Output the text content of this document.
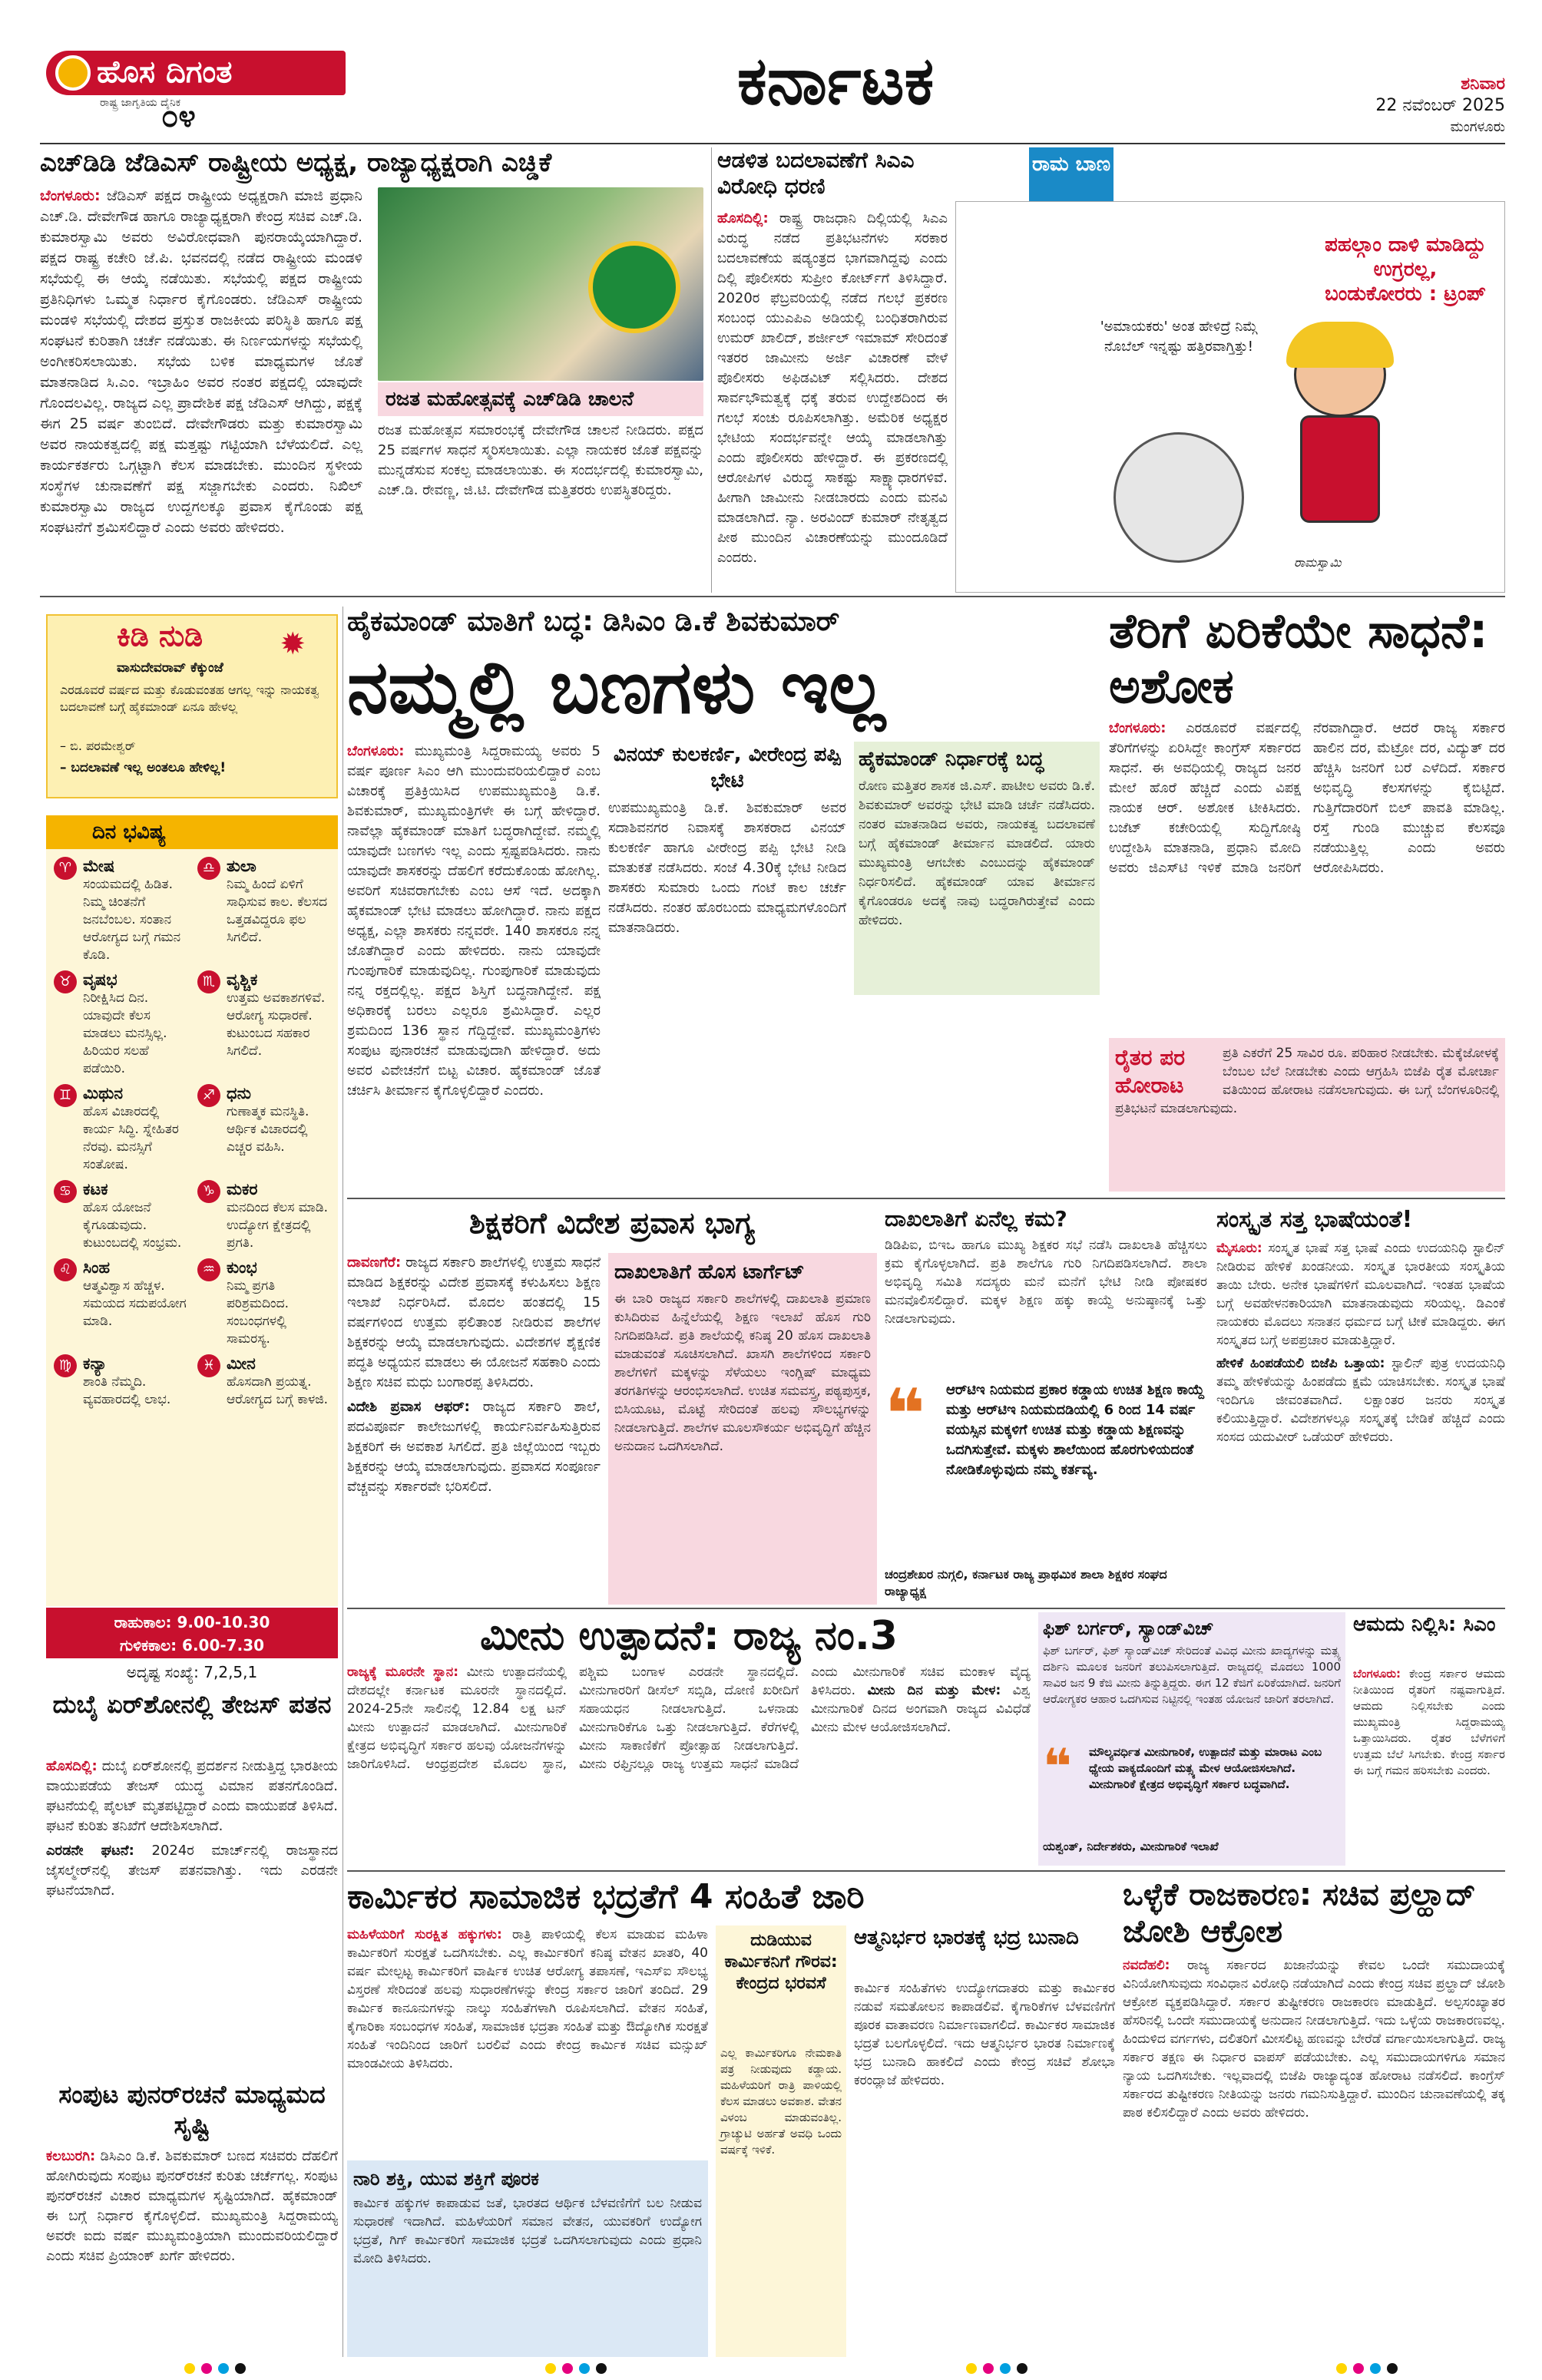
ಹೊಸ ದಿಗಂತ
ರಾಷ್ಟ್ರ ಜಾಗೃತಿಯ ದೈನಿಕ
೦೪	ಕರ್ನಾಟಕ	ಶನಿವಾರ
22 ನವೆಂಬರ್ 2025
ಮಂಗಳೂರು
ಎಚ್‌ಡಿಡಿ ಜೆಡಿಎಸ್ ರಾಷ್ಟ್ರೀಯ ಅಧ್ಯಕ್ಷ, ರಾಜ್ಯಾಧ್ಯಕ್ಷರಾಗಿ ಎಚ್ಡಿಕೆ

ಬೆಂಗಳೂರು: ಜೆಡಿಎಸ್ ಪಕ್ಷದ ರಾಷ್ಟ್ರೀಯ ಅಧ್ಯಕ್ಷರಾಗಿ ಮಾಜಿ ಪ್ರಧಾನಿ ಎಚ್.ಡಿ. ದೇವೇಗೌಡ ಹಾಗೂ ರಾಜ್ಯಾಧ್ಯಕ್ಷರಾಗಿ ಕೇಂದ್ರ ಸಚಿವ ಎಚ್.ಡಿ. ಕುಮಾರಸ್ವಾಮಿ ಅವರು ಅವಿರೋಧವಾಗಿ ಪುನರಾಯ್ಕೆಯಾಗಿದ್ದಾರೆ. ಪಕ್ಷದ ರಾಷ್ಟ್ರ ಕಚೇರಿ ಜೆ.ಪಿ. ಭವನದಲ್ಲಿ ನಡೆದ ರಾಷ್ಟ್ರೀಯ ಮಂಡಳಿ ಸಭೆಯಲ್ಲಿ ಈ ಆಯ್ಕೆ ನಡೆಯಿತು. ಸಭೆಯಲ್ಲಿ ಪಕ್ಷದ ರಾಷ್ಟ್ರೀಯ ಪ್ರತಿನಿಧಿಗಳು ಒಮ್ಮತ ನಿರ್ಧಾರ ಕೈಗೊಂಡರು. ಜೆಡಿಎಸ್ ರಾಷ್ಟ್ರೀಯ ಮಂಡಳಿ ಸಭೆಯಲ್ಲಿ ದೇಶದ ಪ್ರಸ್ತುತ ರಾಜಕೀಯ ಪರಿಸ್ಥಿತಿ ಹಾಗೂ ಪಕ್ಷ ಸಂಘಟನೆ ಕುರಿತಾಗಿ ಚರ್ಚೆ ನಡೆಯಿತು. ಈ ನಿರ್ಣಯಗಳನ್ನು ಸಭೆಯಲ್ಲಿ ಅಂಗೀಕರಿಸಲಾಯಿತು. ಸಭೆಯ ಬಳಿಕ ಮಾಧ್ಯಮಗಳ ಜೊತೆ ಮಾತನಾಡಿದ ಸಿ.ಎಂ. ಇಬ್ರಾಹಿಂ ಅವರ ನಂತರ ಪಕ್ಷದಲ್ಲಿ ಯಾವುದೇ ಗೊಂದಲವಿಲ್ಲ. ರಾಜ್ಯದ ಎಲ್ಲ ಪ್ರಾದೇಶಿಕ ಪಕ್ಷ ಜೆಡಿಎಸ್ ಆಗಿದ್ದು, ಪಕ್ಷಕ್ಕೆ ಈಗ 25 ವರ್ಷ ತುಂಬಿದೆ. ದೇವೇಗೌಡರು ಮತ್ತು ಕುಮಾರಸ್ವಾಮಿ ಅವರ ನಾಯಕತ್ವದಲ್ಲಿ ಪಕ್ಷ ಮತ್ತಷ್ಟು ಗಟ್ಟಿಯಾಗಿ ಬೆಳೆಯಲಿದೆ. ಎಲ್ಲ ಕಾರ್ಯಕರ್ತರು ಒಗ್ಗಟ್ಟಾಗಿ ಕೆಲಸ ಮಾಡಬೇಕು. ಮುಂದಿನ ಸ್ಥಳೀಯ ಸಂಸ್ಥೆಗಳ ಚುನಾವಣೆಗೆ ಪಕ್ಷ ಸಜ್ಜಾಗಬೇಕು ಎಂದರು. ನಿಖಿಲ್ ಕುಮಾರಸ್ವಾಮಿ ರಾಜ್ಯದ ಉದ್ದಗಲಕ್ಕೂ ಪ್ರವಾಸ ಕೈಗೊಂಡು ಪಕ್ಷ ಸಂಘಟನೆಗೆ ಶ್ರಮಿಸಲಿದ್ದಾರೆ ಎಂದು ಅವರು ಹೇಳಿದರು.

ರಜತ ಮಹೋತ್ಸವಕ್ಕೆ ಎಚ್‌ಡಿಡಿ ಚಾಲನೆ

ರಜತ ಮಹೋತ್ಸವ ಸಮಾರಂಭಕ್ಕೆ ದೇವೇಗೌಡ ಚಾಲನೆ ನೀಡಿದರು. ಪಕ್ಷದ 25 ವರ್ಷಗಳ ಸಾಧನೆ ಸ್ಮರಿಸಲಾಯಿತು. ಎಲ್ಲಾ ನಾಯಕರ ಜೊತೆ ಪಕ್ಷವನ್ನು ಮುನ್ನಡೆಸುವ ಸಂಕಲ್ಪ ಮಾಡಲಾಯಿತು. ಈ ಸಂದರ್ಭದಲ್ಲಿ ಕುಮಾರಸ್ವಾಮಿ, ಎಚ್.ಡಿ. ರೇವಣ್ಣ, ಜಿ.ಟಿ. ದೇವೇಗೌಡ ಮತ್ತಿತರರು ಉಪಸ್ಥಿತರಿದ್ದರು.

ಆಡಳಿತ ಬದಲಾವಣೆಗೆ ಸಿಎಎ ವಿರೋಧಿ ಧರಣಿ

ಹೊಸದಿಲ್ಲಿ: ರಾಷ್ಟ್ರ ರಾಜಧಾನಿ ದಿಲ್ಲಿಯಲ್ಲಿ ಸಿಎಎ ವಿರುದ್ಧ ನಡೆದ ಪ್ರತಿಭಟನೆಗಳು ಸರಕಾರ ಬದಲಾವಣೆಯ ಷಡ್ಯಂತ್ರದ ಭಾಗವಾಗಿದ್ದವು ಎಂದು ದಿಲ್ಲಿ ಪೊಲೀಸರು ಸುಪ್ರೀಂ ಕೋರ್ಟ್‌ಗೆ ತಿಳಿಸಿದ್ದಾರೆ. 2020ರ ಫೆಬ್ರವರಿಯಲ್ಲಿ ನಡೆದ ಗಲಭೆ ಪ್ರಕರಣ ಸಂಬಂಧ ಯುಎಪಿಎ ಅಡಿಯಲ್ಲಿ ಬಂಧಿತರಾಗಿರುವ ಉಮರ್ ಖಾಲಿದ್, ಶರ್ಜೀಲ್ ಇಮಾಮ್ ಸೇರಿದಂತೆ ಇತರರ ಜಾಮೀನು ಅರ್ಜಿ ವಿಚಾರಣೆ ವೇಳೆ ಪೊಲೀಸರು ಅಫಿಡವಿಟ್ ಸಲ್ಲಿಸಿದರು. ದೇಶದ ಸಾರ್ವಭೌಮತ್ವಕ್ಕೆ ಧಕ್ಕೆ ತರುವ ಉದ್ದೇಶದಿಂದ ಈ ಗಲಭೆ ಸಂಚು ರೂಪಿಸಲಾಗಿತ್ತು. ಅಮೆರಿಕ ಅಧ್ಯಕ್ಷರ ಭೇಟಿಯ ಸಂದರ್ಭವನ್ನೇ ಆಯ್ಕೆ ಮಾಡಲಾಗಿತ್ತು ಎಂದು ಪೊಲೀಸರು ಹೇಳಿದ್ದಾರೆ. ಈ ಪ್ರಕರಣದಲ್ಲಿ ಆರೋಪಿಗಳ ವಿರುದ್ಧ ಸಾಕಷ್ಟು ಸಾಕ್ಷ್ಯಾಧಾರಗಳಿವೆ. ಹೀಗಾಗಿ ಜಾಮೀನು ನೀಡಬಾರದು ಎಂದು ಮನವಿ ಮಾಡಲಾಗಿದೆ. ನ್ಯಾ. ಅರವಿಂದ್ ಕುಮಾರ್ ನೇತೃತ್ವದ ಪೀಠ ಮುಂದಿನ ವಿಚಾರಣೆಯನ್ನು ಮುಂದೂಡಿದೆ ಎಂದರು.

ರಾಮ ಬಾಣ
'ಅಮಾಯಕರು' ಅಂತ ಹೇಳಿದ್ರೆ ನಿಮ್ಗೆ ನೊಬೆಲ್ ಇನ್ನಷ್ಟು ಹತ್ತಿರವಾಗ್ತಿತ್ತು!
ರಾಮಸ್ವಾಮಿ
ಪಹಲ್ಗಾಂ ದಾಳಿ ಮಾಡಿದ್ದು ಉಗ್ರರಲ್ಲ, ಬಂಡುಕೋರರು : ಟ್ರಂಪ್
ಕಿಡಿ ನುಡಿ	✹
ವಾಸುದೇವರಾವ್ ಕೆಕ್ಕುಂಜೆ
ಎರಡೂವರೆ ವರ್ಷದ ಮತ್ತು ಕೊಡುವಂತಹ ಆಗಲ್ಲ ಇನ್ನು ನಾಯಕತ್ವ ಬದಲಾವಣೆ ಬಗ್ಗೆ ಹೈಕಮಾಂಡ್ ಏನೂ ಹೇಳಲ್ಲ
– ಬಿ. ಪರಮೇಶ್ವರ್
– ಬದಲಾವಣೆ ಇಲ್ಲ ಅಂತಲೂ ಹೇಳಿಲ್ಲ!
ದಿನ ಭವಿಷ್ಯ
♈ ಮೇಷ
ಸಂಯಮದಲ್ಲಿ ಹಿಡಿತ. ನಿಮ್ಮ ಚಿಂತನೆಗೆ ಜನಬೆಂಬಲ. ಸಂತಾನ ಆರೋಗ್ಯದ ಬಗ್ಗೆ ಗಮನ ಕೊಡಿ.
♎ ತುಲಾ
ನಿಮ್ಮ ಹಿಂದೆ ಏಳಿಗೆ ಸಾಧಿಸುವ ಕಾಲ. ಕೆಲಸದ ಒತ್ತಡವಿದ್ದರೂ ಫಲ ಸಿಗಲಿದೆ.
♉ ವೃಷಭ
ನಿರೀಕ್ಷಿಸಿದ ದಿನ. ಯಾವುದೇ ಕೆಲಸ ಮಾಡಲು ಮನಸ್ಸಿಲ್ಲ. ಹಿರಿಯರ ಸಲಹೆ ಪಡೆಯಿರಿ.
♏ ವೃಶ್ಚಿಕ
ಉತ್ತಮ ಅವಕಾಶಗಳಿವೆ. ಆರೋಗ್ಯ ಸುಧಾರಣೆ. ಕುಟುಂಬದ ಸಹಕಾರ ಸಿಗಲಿದೆ.
♊ ಮಿಥುನ
ಹೊಸ ವಿಚಾರದಲ್ಲಿ ಕಾರ್ಯ ಸಿದ್ಧಿ. ಸ್ನೇಹಿತರ ನೆರವು. ಮನಸ್ಸಿಗೆ ಸಂತೋಷ.
♐ ಧನು
ಗುಣಾತ್ಮಕ ಮನಸ್ಥಿತಿ. ಆರ್ಥಿಕ ವಿಚಾರದಲ್ಲಿ ಎಚ್ಚರ ವಹಿಸಿ.
♋ ಕಟಕ
ಹೊಸ ಯೋಜನೆ ಕೈಗೂಡುವುದು. ಕುಟುಂಬದಲ್ಲಿ ಸಂಭ್ರಮ.
♑ ಮಕರ
ಮನದಿಂದ ಕೆಲಸ ಮಾಡಿ. ಉದ್ಯೋಗ ಕ್ಷೇತ್ರದಲ್ಲಿ ಪ್ರಗತಿ.
♌ ಸಿಂಹ
ಆತ್ಮವಿಶ್ವಾಸ ಹೆಚ್ಚಳ. ಸಮಯದ ಸದುಪಯೋಗ ಮಾಡಿ.
♒ ಕುಂಭ
ನಿಮ್ಮ ಪ್ರಗತಿ ಪರಿಶ್ರಮದಿಂದ. ಸಂಬಂಧಗಳಲ್ಲಿ ಸಾಮರಸ್ಯ.
♍ ಕನ್ಯಾ
ಶಾಂತಿ ನೆಮ್ಮದಿ. ವ್ಯವಹಾರದಲ್ಲಿ ಲಾಭ.
♓ ಮೀನ
ಹೊಸದಾಗಿ ಪ್ರಯತ್ನ. ಆರೋಗ್ಯದ ಬಗ್ಗೆ ಕಾಳಜಿ.
ರಾಹುಕಾಲ: 9.00-10.30
ಗುಳಿಕಕಾಲ: 6.00-7.30
ಅದೃಷ್ಟ ಸಂಖ್ಯೆ: 7,2,5,1
ದುಬೈ ಏರ್‌ಶೋನಲ್ಲಿ ತೇಜಸ್ ಪತನ

ಹೊಸದಿಲ್ಲಿ: ದುಬೈ ಏರ್‌ಶೋನಲ್ಲಿ ಪ್ರದರ್ಶನ ನೀಡುತ್ತಿದ್ದ ಭಾರತೀಯ ವಾಯುಪಡೆಯ ತೇಜಸ್ ಯುದ್ಧ ವಿಮಾನ ಪತನಗೊಂಡಿದೆ. ಘಟನೆಯಲ್ಲಿ ಪೈಲಟ್ ಮೃತಪಟ್ಟಿದ್ದಾರೆ ಎಂದು ವಾಯುಪಡೆ ತಿಳಿಸಿದೆ. ಘಟನೆ ಕುರಿತು ತನಿಖೆಗೆ ಆದೇಶಿಸಲಾಗಿದೆ.

ಎರಡನೇ ಘಟನೆ: 2024ರ ಮಾರ್ಚ್‌ನಲ್ಲಿ ರಾಜಸ್ಥಾನದ ಜೈಸಲ್ಮೇರ್‌ನಲ್ಲಿ ತೇಜಸ್ ಪತನವಾಗಿತ್ತು. ಇದು ಎರಡನೇ ಘಟನೆಯಾಗಿದೆ.

ಸಂಪುಟ ಪುನರ್‌ರಚನೆ ಮಾಧ್ಯಮದ ಸೃಷ್ಟಿ

ಕಲಬುರಗಿ: ಡಿಸಿಎಂ ಡಿ.ಕೆ. ಶಿವಕುಮಾರ್ ಬಣದ ಸಚಿವರು ದೆಹಲಿಗೆ ಹೋಗಿರುವುದು ಸಂಪುಟ ಪುನರ್‌ರಚನೆ ಕುರಿತು ಚರ್ಚೆಗಲ್ಲ. ಸಂಪುಟ ಪುನರ್‌ರಚನೆ ವಿಚಾರ ಮಾಧ್ಯಮಗಳ ಸೃಷ್ಟಿಯಾಗಿದೆ. ಹೈಕಮಾಂಡ್ ಈ ಬಗ್ಗೆ ನಿರ್ಧಾರ ಕೈಗೊಳ್ಳಲಿದೆ. ಮುಖ್ಯಮಂತ್ರಿ ಸಿದ್ದರಾಮಯ್ಯ ಅವರೇ ಐದು ವರ್ಷ ಮುಖ್ಯಮಂತ್ರಿಯಾಗಿ ಮುಂದುವರಿಯಲಿದ್ದಾರೆ ಎಂದು ಸಚಿವ ಪ್ರಿಯಾಂಕ್ ಖರ್ಗೆ ಹೇಳಿದರು.

ಹೈಕಮಾಂಡ್ ಮಾತಿಗೆ ಬದ್ಧ: ಡಿಸಿಎಂ ಡಿ.ಕೆ ಶಿವಕುಮಾರ್
ನಮ್ಮಲ್ಲಿ ಬಣಗಳು ಇಲ್ಲ

ಬೆಂಗಳೂರು: ಮುಖ್ಯಮಂತ್ರಿ ಸಿದ್ದರಾಮಯ್ಯ ಅವರು 5 ವರ್ಷ ಪೂರ್ಣ ಸಿಎಂ ಆಗಿ ಮುಂದುವರಿಯಲಿದ್ದಾರೆ ಎಂಬ ವಿಚಾರಕ್ಕೆ ಪ್ರತಿಕ್ರಿಯಿಸಿದ ಉಪಮುಖ್ಯಮಂತ್ರಿ ಡಿ.ಕೆ. ಶಿವಕುಮಾರ್, ಮುಖ್ಯಮಂತ್ರಿಗಳೇ ಈ ಬಗ್ಗೆ ಹೇಳಿದ್ದಾರೆ. ನಾವೆಲ್ಲಾ ಹೈಕಮಾಂಡ್ ಮಾತಿಗೆ ಬದ್ಧರಾಗಿದ್ದೇವೆ. ನಮ್ಮಲ್ಲಿ ಯಾವುದೇ ಬಣಗಳು ಇಲ್ಲ ಎಂದು ಸ್ಪಷ್ಟಪಡಿಸಿದರು. ನಾನು ಯಾವುದೇ ಶಾಸಕರನ್ನು ದೆಹಲಿಗೆ ಕರೆದುಕೊಂಡು ಹೋಗಿಲ್ಲ. ಅವರಿಗೆ ಸಚಿವರಾಗಬೇಕು ಎಂಬ ಆಸೆ ಇದೆ. ಅದಕ್ಕಾಗಿ ಹೈಕಮಾಂಡ್ ಭೇಟಿ ಮಾಡಲು ಹೋಗಿದ್ದಾರೆ. ನಾನು ಪಕ್ಷದ ಅಧ್ಯಕ್ಷ, ಎಲ್ಲಾ ಶಾಸಕರು ನನ್ನವರೇ. 140 ಶಾಸಕರೂ ನನ್ನ ಜೊತೆಗಿದ್ದಾರೆ ಎಂದು ಹೇಳಿದರು. ನಾನು ಯಾವುದೇ ಗುಂಪುಗಾರಿಕೆ ಮಾಡುವುದಿಲ್ಲ. ಗುಂಪುಗಾರಿಕೆ ಮಾಡುವುದು ನನ್ನ ರಕ್ತದಲ್ಲಿಲ್ಲ. ಪಕ್ಷದ ಶಿಸ್ತಿಗೆ ಬದ್ಧನಾಗಿದ್ದೇನೆ. ಪಕ್ಷ ಅಧಿಕಾರಕ್ಕೆ ಬರಲು ಎಲ್ಲರೂ ಶ್ರಮಿಸಿದ್ದಾರೆ. ಎಲ್ಲರ ಶ್ರಮದಿಂದ 136 ಸ್ಥಾನ ಗೆದ್ದಿದ್ದೇವೆ. ಮುಖ್ಯಮಂತ್ರಿಗಳು ಸಂಪುಟ ಪುನಾರಚನೆ ಮಾಡುವುದಾಗಿ ಹೇಳಿದ್ದಾರೆ. ಅದು ಅವರ ವಿವೇಚನೆಗೆ ಬಿಟ್ಟ ವಿಚಾರ. ಹೈಕಮಾಂಡ್ ಜೊತೆ ಚರ್ಚಿಸಿ ತೀರ್ಮಾನ ಕೈಗೊಳ್ಳಲಿದ್ದಾರೆ ಎಂದರು.

ವಿನಯ್ ಕುಲಕರ್ಣಿ, ವೀರೇಂದ್ರ ಪಪ್ಪಿ ಭೇಟಿ

ಉಪಮುಖ್ಯಮಂತ್ರಿ ಡಿ.ಕೆ. ಶಿವಕುಮಾರ್ ಅವರ ಸದಾಶಿವನಗರ ನಿವಾಸಕ್ಕೆ ಶಾಸಕರಾದ ವಿನಯ್ ಕುಲಕರ್ಣಿ ಹಾಗೂ ವೀರೇಂದ್ರ ಪಪ್ಪಿ ಭೇಟಿ ನೀಡಿ ಮಾತುಕತೆ ನಡೆಸಿದರು. ಸಂಜೆ 4.30ಕ್ಕೆ ಭೇಟಿ ನೀಡಿದ ಶಾಸಕರು ಸುಮಾರು ಒಂದು ಗಂಟೆ ಕಾಲ ಚರ್ಚೆ ನಡೆಸಿದರು. ನಂತರ ಹೊರಬಂದು ಮಾಧ್ಯಮಗಳೊಂದಿಗೆ ಮಾತನಾಡಿದರು.

ಹೈಕಮಾಂಡ್ ನಿರ್ಧಾರಕ್ಕೆ ಬದ್ಧ

ರೋಣ ಮತ್ತಿತರ ಶಾಸಕ ಜಿ.ಎಸ್. ಪಾಟೀಲ ಅವರು ಡಿ.ಕೆ. ಶಿವಕುಮಾರ್ ಅವರನ್ನು ಭೇಟಿ ಮಾಡಿ ಚರ್ಚೆ ನಡೆಸಿದರು. ನಂತರ ಮಾತನಾಡಿದ ಅವರು, ನಾಯಕತ್ವ ಬದಲಾವಣೆ ಬಗ್ಗೆ ಹೈಕಮಾಂಡ್ ತೀರ್ಮಾನ ಮಾಡಲಿದೆ. ಯಾರು ಮುಖ್ಯಮಂತ್ರಿ ಆಗಬೇಕು ಎಂಬುದನ್ನು ಹೈಕಮಾಂಡ್ ನಿರ್ಧರಿಸಲಿದೆ. ಹೈಕಮಾಂಡ್ ಯಾವ ತೀರ್ಮಾನ ಕೈಗೊಂಡರೂ ಅದಕ್ಕೆ ನಾವು ಬದ್ಧರಾಗಿರುತ್ತೇವೆ ಎಂದು ಹೇಳಿದರು.

ತೆರಿಗೆ ಏರಿಕೆಯೇ ಸಾಧನೆ: ಅಶೋಕ

ಬೆಂಗಳೂರು: ಎರಡೂವರೆ ವರ್ಷದಲ್ಲಿ ತೆರಿಗೆಗಳನ್ನು ಏರಿಸಿದ್ದೇ ಕಾಂಗ್ರೆಸ್ ಸರ್ಕಾರದ ಸಾಧನೆ. ಈ ಅವಧಿಯಲ್ಲಿ ರಾಜ್ಯದ ಜನರ ಮೇಲೆ ಹೊರೆ ಹೆಚ್ಚಿದೆ ಎಂದು ವಿಪಕ್ಷ ನಾಯಕ ಆರ್. ಅಶೋಕ ಟೀಕಿಸಿದರು. ಬಜೆಟ್ ಕಚೇರಿಯಲ್ಲಿ ಸುದ್ದಿಗೋಷ್ಠಿ ಉದ್ದೇಶಿಸಿ ಮಾತನಾಡಿ, ಪ್ರಧಾನಿ ಮೋದಿ ಅವರು ಜಿಎಸ್‌ಟಿ ಇಳಿಕೆ ಮಾಡಿ ಜನರಿಗೆ ನೆರವಾಗಿದ್ದಾರೆ. ಆದರೆ ರಾಜ್ಯ ಸರ್ಕಾರ ಹಾಲಿನ ದರ, ಮೆಟ್ರೋ ದರ, ವಿದ್ಯುತ್ ದರ ಹೆಚ್ಚಿಸಿ ಜನರಿಗೆ ಬರೆ ಎಳೆದಿದೆ. ಸರ್ಕಾರ ಅಭಿವೃದ್ಧಿ ಕೆಲಸಗಳನ್ನು ಕೈಬಿಟ್ಟಿದೆ. ಗುತ್ತಿಗೆದಾರರಿಗೆ ಬಿಲ್ ಪಾವತಿ ಮಾಡಿಲ್ಲ. ರಸ್ತೆ ಗುಂಡಿ ಮುಚ್ಚುವ ಕೆಲಸವೂ ನಡೆಯುತ್ತಿಲ್ಲ ಎಂದು ಅವರು ಆರೋಪಿಸಿದರು.

ರೈತರ ಪರ ಹೋರಾಟ

ಪ್ರತಿ ಎಕರೆಗೆ 25 ಸಾವಿರ ರೂ. ಪರಿಹಾರ ನೀಡಬೇಕು. ಮೆಕ್ಕೆಜೋಳಕ್ಕೆ ಬೆಂಬಲ ಬೆಲೆ ನೀಡಬೇಕು ಎಂದು ಆಗ್ರಹಿಸಿ ಬಿಜೆಪಿ ರೈತ ಮೋರ್ಚಾ ವತಿಯಿಂದ ಹೋರಾಟ ನಡೆಸಲಾಗುವುದು. ಈ ಬಗ್ಗೆ ಬೆಂಗಳೂರಿನಲ್ಲಿ ಪ್ರತಿಭಟನೆ ಮಾಡಲಾಗುವುದು.

ಶಿಕ್ಷಕರಿಗೆ ವಿದೇಶ ಪ್ರವಾಸ ಭಾಗ್ಯ

ದಾವಣಗೆರೆ: ರಾಜ್ಯದ ಸರ್ಕಾರಿ ಶಾಲೆಗಳಲ್ಲಿ ಉತ್ತಮ ಸಾಧನೆ ಮಾಡಿದ ಶಿಕ್ಷಕರನ್ನು ವಿದೇಶ ಪ್ರವಾಸಕ್ಕೆ ಕಳುಹಿಸಲು ಶಿಕ್ಷಣ ಇಲಾಖೆ ನಿರ್ಧರಿಸಿದೆ. ಮೊದಲ ಹಂತದಲ್ಲಿ 15 ವರ್ಷಗಳಿಂದ ಉತ್ತಮ ಫಲಿತಾಂಶ ನೀಡಿರುವ ಶಾಲೆಗಳ ಶಿಕ್ಷಕರನ್ನು ಆಯ್ಕೆ ಮಾಡಲಾಗುವುದು. ವಿದೇಶಗಳ ಶೈಕ್ಷಣಿಕ ಪದ್ಧತಿ ಅಧ್ಯಯನ ಮಾಡಲು ಈ ಯೋಜನೆ ಸಹಕಾರಿ ಎಂದು ಶಿಕ್ಷಣ ಸಚಿವ ಮಧು ಬಂಗಾರಪ್ಪ ತಿಳಿಸಿದರು.

ವಿದೇಶಿ ಪ್ರವಾಸ ಆಫರ್: ರಾಜ್ಯದ ಸರ್ಕಾರಿ ಶಾಲೆ, ಪದವಿಪೂರ್ವ ಕಾಲೇಜುಗಳಲ್ಲಿ ಕಾರ್ಯನಿರ್ವಹಿಸುತ್ತಿರುವ ಶಿಕ್ಷಕರಿಗೆ ಈ ಅವಕಾಶ ಸಿಗಲಿದೆ. ಪ್ರತಿ ಜಿಲ್ಲೆಯಿಂದ ಇಬ್ಬರು ಶಿಕ್ಷಕರನ್ನು ಆಯ್ಕೆ ಮಾಡಲಾಗುವುದು. ಪ್ರವಾಸದ ಸಂಪೂರ್ಣ ವೆಚ್ಚವನ್ನು ಸರ್ಕಾರವೇ ಭರಿಸಲಿದೆ.

ದಾಖಲಾತಿಗೆ ಹೊಸ ಟಾರ್ಗೆಟ್

ಈ ಬಾರಿ ರಾಜ್ಯದ ಸರ್ಕಾರಿ ಶಾಲೆಗಳಲ್ಲಿ ದಾಖಲಾತಿ ಪ್ರಮಾಣ ಕುಸಿದಿರುವ ಹಿನ್ನೆಲೆಯಲ್ಲಿ ಶಿಕ್ಷಣ ಇಲಾಖೆ ಹೊಸ ಗುರಿ ನಿಗದಿಪಡಿಸಿದೆ. ಪ್ರತಿ ಶಾಲೆಯಲ್ಲಿ ಕನಿಷ್ಠ 20 ಹೊಸ ದಾಖಲಾತಿ ಮಾಡುವಂತೆ ಸೂಚಿಸಲಾಗಿದೆ. ಖಾಸಗಿ ಶಾಲೆಗಳಿಂದ ಸರ್ಕಾರಿ ಶಾಲೆಗಳಿಗೆ ಮಕ್ಕಳನ್ನು ಸೆಳೆಯಲು ಇಂಗ್ಲಿಷ್ ಮಾಧ್ಯಮ ತರಗತಿಗಳನ್ನು ಆರಂಭಿಸಲಾಗಿದೆ. ಉಚಿತ ಸಮವಸ್ತ್ರ, ಪಠ್ಯಪುಸ್ತಕ, ಬಿಸಿಯೂಟ, ಮೊಟ್ಟೆ ಸೇರಿದಂತೆ ಹಲವು ಸೌಲಭ್ಯಗಳನ್ನು ನೀಡಲಾಗುತ್ತಿದೆ. ಶಾಲೆಗಳ ಮೂಲಸೌಕರ್ಯ ಅಭಿವೃದ್ಧಿಗೆ ಹೆಚ್ಚಿನ ಅನುದಾನ ಒದಗಿಸಲಾಗಿದೆ.

ದಾಖಲಾತಿಗೆ ಏನೆಲ್ಲ ಕಮ?

ಡಿಡಿಪಿಐ, ಬಿಇಒ ಹಾಗೂ ಮುಖ್ಯ ಶಿಕ್ಷಕರ ಸಭೆ ನಡೆಸಿ ದಾಖಲಾತಿ ಹೆಚ್ಚಿಸಲು ಕ್ರಮ ಕೈಗೊಳ್ಳಲಾಗಿದೆ. ಪ್ರತಿ ಶಾಲೆಗೂ ಗುರಿ ನಿಗದಿಪಡಿಸಲಾಗಿದೆ. ಶಾಲಾ ಅಭಿವೃದ್ಧಿ ಸಮಿತಿ ಸದಸ್ಯರು ಮನೆ ಮನೆಗೆ ಭೇಟಿ ನೀಡಿ ಪೋಷಕರ ಮನವೊಲಿಸಲಿದ್ದಾರೆ. ಮಕ್ಕಳ ಶಿಕ್ಷಣ ಹಕ್ಕು ಕಾಯ್ದೆ ಅನುಷ್ಠಾನಕ್ಕೆ ಒತ್ತು ನೀಡಲಾಗುವುದು.

❝ ಆರ್‌ಟಿಇ ನಿಯಮದ ಪ್ರಕಾರ ಕಡ್ಡಾಯ ಉಚಿತ ಶಿಕ್ಷಣ ಕಾಯ್ದೆ ಮತ್ತು ಆರ್‌ಟಿಇ ನಿಯಮದಡಿಯಲ್ಲಿ 6 ರಿಂದ 14 ವರ್ಷ ವಯಸ್ಸಿನ ಮಕ್ಕಳಿಗೆ ಉಚಿತ ಮತ್ತು ಕಡ್ಡಾಯ ಶಿಕ್ಷಣವನ್ನು ಒದಗಿಸುತ್ತೇವೆ. ಮಕ್ಕಳು ಶಾಲೆಯಿಂದ ಹೊರಗುಳಿಯದಂತೆ ನೋಡಿಕೊಳ್ಳುವುದು ನಮ್ಮ ಕರ್ತವ್ಯ.

ಚಂದ್ರಶೇಖರ ನುಗ್ಗಲಿ, ಕರ್ನಾಟಕ ರಾಜ್ಯ ಪ್ರಾಥಮಿಕ ಶಾಲಾ ಶಿಕ್ಷಕರ ಸಂಘದ ರಾಜ್ಯಾಧ್ಯಕ್ಷ
ಸಂಸ್ಕೃತ ಸತ್ತ ಭಾಷೆಯಂತೆ!

ಮೈಸೂರು: ಸಂಸ್ಕೃತ ಭಾಷೆ ಸತ್ತ ಭಾಷೆ ಎಂದು ಉದಯನಿಧಿ ಸ್ಟಾಲಿನ್ ನೀಡಿರುವ ಹೇಳಿಕೆ ಖಂಡನೀಯ. ಸಂಸ್ಕೃತ ಭಾರತೀಯ ಸಂಸ್ಕೃತಿಯ ತಾಯಿ ಬೇರು. ಅನೇಕ ಭಾಷೆಗಳಿಗೆ ಮೂಲವಾಗಿದೆ. ಇಂತಹ ಭಾಷೆಯ ಬಗ್ಗೆ ಅವಹೇಳನಕಾರಿಯಾಗಿ ಮಾತನಾಡುವುದು ಸರಿಯಲ್ಲ. ಡಿಎಂಕೆ ನಾಯಕರು ಮೊದಲು ಸನಾತನ ಧರ್ಮದ ಬಗ್ಗೆ ಟೀಕೆ ಮಾಡಿದ್ದರು. ಈಗ ಸಂಸ್ಕೃತದ ಬಗ್ಗೆ ಅಪಪ್ರಚಾರ ಮಾಡುತ್ತಿದ್ದಾರೆ.

ಹೇಳಿಕೆ ಹಿಂಪಡೆಯಲಿ ಬಿಜೆಪಿ ಒತ್ತಾಯ: ಸ್ಟಾಲಿನ್ ಪುತ್ರ ಉದಯನಿಧಿ ತಮ್ಮ ಹೇಳಿಕೆಯನ್ನು ಹಿಂಪಡೆದು ಕ್ಷಮೆ ಯಾಚಿಸಬೇಕು. ಸಂಸ್ಕೃತ ಭಾಷೆ ಇಂದಿಗೂ ಜೀವಂತವಾಗಿದೆ. ಲಕ್ಷಾಂತರ ಜನರು ಸಂಸ್ಕೃತ ಕಲಿಯುತ್ತಿದ್ದಾರೆ. ವಿದೇಶಗಳಲ್ಲೂ ಸಂಸ್ಕೃತಕ್ಕೆ ಬೇಡಿಕೆ ಹೆಚ್ಚಿದೆ ಎಂದು ಸಂಸದ ಯದುವೀರ್ ಒಡೆಯರ್ ಹೇಳಿದರು.

ಮೀನು ಉತ್ಪಾದನೆ: ರಾಜ್ಯ ನಂ.3

ರಾಜ್ಯಕ್ಕೆ ಮೂರನೇ ಸ್ಥಾನ: ಮೀನು ಉತ್ಪಾದನೆಯಲ್ಲಿ ದೇಶದಲ್ಲೇ ಕರ್ನಾಟಕ ಮೂರನೇ ಸ್ಥಾನದಲ್ಲಿದೆ. 2024-25ನೇ ಸಾಲಿನಲ್ಲಿ 12.84 ಲಕ್ಷ ಟನ್ ಮೀನು ಉತ್ಪಾದನೆ ಮಾಡಲಾಗಿದೆ. ಮೀನುಗಾರಿಕೆ ಕ್ಷೇತ್ರದ ಅಭಿವೃದ್ಧಿಗೆ ಸರ್ಕಾರ ಹಲವು ಯೋಜನೆಗಳನ್ನು ಜಾರಿಗೊಳಿಸಿದೆ. ಆಂಧ್ರಪ್ರದೇಶ ಮೊದಲ ಸ್ಥಾನ, ಪಶ್ಚಿಮ ಬಂಗಾಳ ಎರಡನೇ ಸ್ಥಾನದಲ್ಲಿದೆ. ಮೀನುಗಾರರಿಗೆ ಡೀಸೆಲ್ ಸಬ್ಸಿಡಿ, ದೋಣಿ ಖರೀದಿಗೆ ಸಹಾಯಧನ ನೀಡಲಾಗುತ್ತಿದೆ. ಒಳನಾಡು ಮೀನುಗಾರಿಕೆಗೂ ಒತ್ತು ನೀಡಲಾಗುತ್ತಿದೆ. ಕೆರೆಗಳಲ್ಲಿ ಮೀನು ಸಾಕಾಣಿಕೆಗೆ ಪ್ರೋತ್ಸಾಹ ನೀಡಲಾಗುತ್ತಿದೆ. ಮೀನು ರಫ್ತಿನಲ್ಲೂ ರಾಜ್ಯ ಉತ್ತಮ ಸಾಧನೆ ಮಾಡಿದೆ ಎಂದು ಮೀನುಗಾರಿಕೆ ಸಚಿವ ಮಂಕಾಳ ವೈದ್ಯ ತಿಳಿಸಿದರು. ಮೀನು ದಿನ ಮತ್ತು ಮೇಳ: ವಿಶ್ವ ಮೀನುಗಾರಿಕೆ ದಿನದ ಅಂಗವಾಗಿ ರಾಜ್ಯದ ವಿವಿಧೆಡೆ ಮೀನು ಮೇಳ ಆಯೋಜಿಸಲಾಗಿದೆ.

ಫಿಶ್ ಬರ್ಗರ್, ಸ್ಯಾಂಡ್‌ವಿಚ್

ಫಿಶ್ ಬರ್ಗರ್, ಫಿಶ್ ಸ್ಯಾಂಡ್‌ವಿಚ್ ಸೇರಿದಂತೆ ವಿವಿಧ ಮೀನು ಖಾದ್ಯಗಳನ್ನು ಮತ್ಸ್ಯ ದರ್ಶಿನಿ ಮೂಲಕ ಜನರಿಗೆ ತಲುಪಿಸಲಾಗುತ್ತಿದೆ. ರಾಜ್ಯದಲ್ಲಿ ಮೊದಲು 1000 ಸಾವಿರ ಜನ 9 ಕೆಜಿ ಮೀನು ತಿನ್ನುತ್ತಿದ್ದರು. ಈಗ 12 ಕೆಜಿಗೆ ಏರಿಕೆಯಾಗಿದೆ. ಜನರಿಗೆ ಆರೋಗ್ಯಕರ ಆಹಾರ ಒದಗಿಸುವ ನಿಟ್ಟಿನಲ್ಲಿ ಇಂತಹ ಯೋಜನೆ ಜಾರಿಗೆ ತರಲಾಗಿದೆ.

❝ ಮೌಲ್ಯವರ್ಧಿತ ಮೀನುಗಾರಿಕೆ, ಉತ್ಪಾದನೆ ಮತ್ತು ಮಾರಾಟ ಎಂಬ ಧ್ಯೇಯ ವಾಕ್ಯದೊಂದಿಗೆ ಮತ್ಸ್ಯ ಮೇಳ ಆಯೋಜಿಸಲಾಗಿದೆ. ಮೀನುಗಾರಿಕೆ ಕ್ಷೇತ್ರದ ಅಭಿವೃದ್ಧಿಗೆ ಸರ್ಕಾರ ಬದ್ಧವಾಗಿದೆ.

ಯಶ್ವಂತ್, ನಿರ್ದೇಶಕರು, ಮೀನುಗಾರಿಕೆ ಇಲಾಖೆ
ಆಮದು ನಿಲ್ಲಿಸಿ: ಸಿಎಂ

ಬೆಂಗಳೂರು: ಕೇಂದ್ರ ಸರ್ಕಾರ ಆಮದು ನೀತಿಯಿಂದ ರೈತರಿಗೆ ನಷ್ಟವಾಗುತ್ತಿದೆ. ಆಮದು ನಿಲ್ಲಿಸಬೇಕು ಎಂದು ಮುಖ್ಯಮಂತ್ರಿ ಸಿದ್ದರಾಮಯ್ಯ ಒತ್ತಾಯಿಸಿದರು. ರೈತರ ಬೆಳೆಗಳಿಗೆ ಉತ್ತಮ ಬೆಲೆ ಸಿಗಬೇಕು. ಕೇಂದ್ರ ಸರ್ಕಾರ ಈ ಬಗ್ಗೆ ಗಮನ ಹರಿಸಬೇಕು ಎಂದರು.

ಕಾರ್ಮಿಕರ ಸಾಮಾಜಿಕ ಭದ್ರತೆಗೆ 4 ಸಂಹಿತೆ ಜಾರಿ

ಮಹಿಳೆಯರಿಗೆ ಸುರಕ್ಷಿತ ಹಕ್ಕುಗಳು: ರಾತ್ರಿ ಪಾಳಿಯಲ್ಲಿ ಕೆಲಸ ಮಾಡುವ ಮಹಿಳಾ ಕಾರ್ಮಿಕರಿಗೆ ಸುರಕ್ಷತೆ ಒದಗಿಸಬೇಕು. ಎಲ್ಲ ಕಾರ್ಮಿಕರಿಗೆ ಕನಿಷ್ಠ ವೇತನ ಖಾತರಿ, 40 ವರ್ಷ ಮೇಲ್ಪಟ್ಟ ಕಾರ್ಮಿಕರಿಗೆ ವಾರ್ಷಿಕ ಉಚಿತ ಆರೋಗ್ಯ ತಪಾಸಣೆ, ಇಎಸ್‌ಐ ಸೌಲಭ್ಯ ವಿಸ್ತರಣೆ ಸೇರಿದಂತೆ ಹಲವು ಸುಧಾರಣೆಗಳನ್ನು ಕೇಂದ್ರ ಸರ್ಕಾರ ಜಾರಿಗೆ ತಂದಿದೆ. 29 ಕಾರ್ಮಿಕ ಕಾನೂನುಗಳನ್ನು ನಾಲ್ಕು ಸಂಹಿತೆಗಳಾಗಿ ರೂಪಿಸಲಾಗಿದೆ. ವೇತನ ಸಂಹಿತೆ, ಕೈಗಾರಿಕಾ ಸಂಬಂಧಗಳ ಸಂಹಿತೆ, ಸಾಮಾಜಿಕ ಭದ್ರತಾ ಸಂಹಿತೆ ಮತ್ತು ಔದ್ಯೋಗಿಕ ಸುರಕ್ಷತೆ ಸಂಹಿತೆ ಇಂದಿನಿಂದ ಜಾರಿಗೆ ಬರಲಿವೆ ಎಂದು ಕೇಂದ್ರ ಕಾರ್ಮಿಕ ಸಚಿವ ಮನ್ಸುಖ್ ಮಾಂಡವೀಯ ತಿಳಿಸಿದರು.

ನಾರಿ ಶಕ್ತಿ, ಯುವ ಶಕ್ತಿಗೆ ಪೂರಕ

ಕಾರ್ಮಿಕ ಹಕ್ಕುಗಳ ಕಾಪಾಡುವ ಜತೆ, ಭಾರತದ ಆರ್ಥಿಕ ಬೆಳವಣಿಗೆಗೆ ಬಲ ನೀಡುವ ಸುಧಾರಣೆ ಇದಾಗಿದೆ. ಮಹಿಳೆಯರಿಗೆ ಸಮಾನ ವೇತನ, ಯುವಕರಿಗೆ ಉದ್ಯೋಗ ಭದ್ರತೆ, ಗಿಗ್ ಕಾರ್ಮಿಕರಿಗೆ ಸಾಮಾಜಿಕ ಭದ್ರತೆ ಒದಗಿಸಲಾಗುವುದು ಎಂದು ಪ್ರಧಾನಿ ಮೋದಿ ತಿಳಿಸಿದರು.

ದುಡಿಯುವ ಕಾರ್ಮಿಕನಿಗೆ ಗೌರವ: ಕೇಂದ್ರದ ಭರವಸೆ

ಎಲ್ಲ ಕಾರ್ಮಿಕರಿಗೂ ನೇಮಕಾತಿ ಪತ್ರ ನೀಡುವುದು ಕಡ್ಡಾಯ. ಮಹಿಳೆಯರಿಗೆ ರಾತ್ರಿ ಪಾಳಿಯಲ್ಲಿ ಕೆಲಸ ಮಾಡಲು ಅವಕಾಶ. ವೇತನ ವಿಳಂಬ ಮಾಡುವಂತಿಲ್ಲ. ಗ್ರಾಚ್ಯುಟಿ ಅರ್ಹತೆ ಅವಧಿ ಒಂದು ವರ್ಷಕ್ಕೆ ಇಳಿಕೆ.

ಆತ್ಮನಿರ್ಭರ ಭಾರತಕ್ಕೆ ಭದ್ರ ಬುನಾದಿ

ಕಾರ್ಮಿಕ ಸಂಹಿತೆಗಳು ಉದ್ಯೋಗದಾತರು ಮತ್ತು ಕಾರ್ಮಿಕರ ನಡುವೆ ಸಮತೋಲನ ಕಾಪಾಡಲಿವೆ. ಕೈಗಾರಿಕೆಗಳ ಬೆಳವಣಿಗೆಗೆ ಪೂರಕ ವಾತಾವರಣ ನಿರ್ಮಾಣವಾಗಲಿದೆ. ಕಾರ್ಮಿಕರ ಸಾಮಾಜಿಕ ಭದ್ರತೆ ಬಲಗೊಳ್ಳಲಿದೆ. ಇದು ಆತ್ಮನಿರ್ಭರ ಭಾರತ ನಿರ್ಮಾಣಕ್ಕೆ ಭದ್ರ ಬುನಾದಿ ಹಾಕಲಿದೆ ಎಂದು ಕೇಂದ್ರ ಸಚಿವೆ ಶೋಭಾ ಕರಂದ್ಲಾಜೆ ಹೇಳಿದರು.

ಒಳ್ಳೆಕೆ ರಾಜಕಾರಣ: ಸಚಿವ ಪ್ರಲ್ಹಾದ್ ಜೋಶಿ ಆಕ್ರೋಶ

ನವದೆಹಲಿ: ರಾಜ್ಯ ಸರ್ಕಾರದ ಖಜಾನೆಯನ್ನು ಕೇವಲ ಒಂದೇ ಸಮುದಾಯಕ್ಕೆ ವಿನಿಯೋಗಿಸುವುದು ಸಂವಿಧಾನ ವಿರೋಧಿ ನಡೆಯಾಗಿದೆ ಎಂದು ಕೇಂದ್ರ ಸಚಿವ ಪ್ರಲ್ಹಾದ್ ಜೋಶಿ ಆಕ್ರೋಶ ವ್ಯಕ್ತಪಡಿಸಿದ್ದಾರೆ. ಸರ್ಕಾರ ತುಷ್ಟೀಕರಣ ರಾಜಕಾರಣ ಮಾಡುತ್ತಿದೆ. ಅಲ್ಪಸಂಖ್ಯಾತರ ಹೆಸರಿನಲ್ಲಿ ಒಂದೇ ಸಮುದಾಯಕ್ಕೆ ಅನುದಾನ ನೀಡಲಾಗುತ್ತಿದೆ. ಇದು ಒಳ್ಳೆಯ ರಾಜಕಾರಣವಲ್ಲ. ಹಿಂದುಳಿದ ವರ್ಗಗಳು, ದಲಿತರಿಗೆ ಮೀಸಲಿಟ್ಟ ಹಣವನ್ನು ಬೇರೆಡೆ ವರ್ಗಾಯಿಸಲಾಗುತ್ತಿದೆ. ರಾಜ್ಯ ಸರ್ಕಾರ ತಕ್ಷಣ ಈ ನಿರ್ಧಾರ ವಾಪಸ್ ಪಡೆಯಬೇಕು. ಎಲ್ಲ ಸಮುದಾಯಗಳಿಗೂ ಸಮಾನ ನ್ಯಾಯ ಒದಗಿಸಬೇಕು. ಇಲ್ಲವಾದಲ್ಲಿ ಬಿಜೆಪಿ ರಾಜ್ಯಾದ್ಯಂತ ಹೋರಾಟ ನಡೆಸಲಿದೆ. ಕಾಂಗ್ರೆಸ್ ಸರ್ಕಾರದ ತುಷ್ಟೀಕರಣ ನೀತಿಯನ್ನು ಜನರು ಗಮನಿಸುತ್ತಿದ್ದಾರೆ. ಮುಂದಿನ ಚುನಾವಣೆಯಲ್ಲಿ ತಕ್ಕ ಪಾಠ ಕಲಿಸಲಿದ್ದಾರೆ ಎಂದು ಅವರು ಹೇಳಿದರು.
